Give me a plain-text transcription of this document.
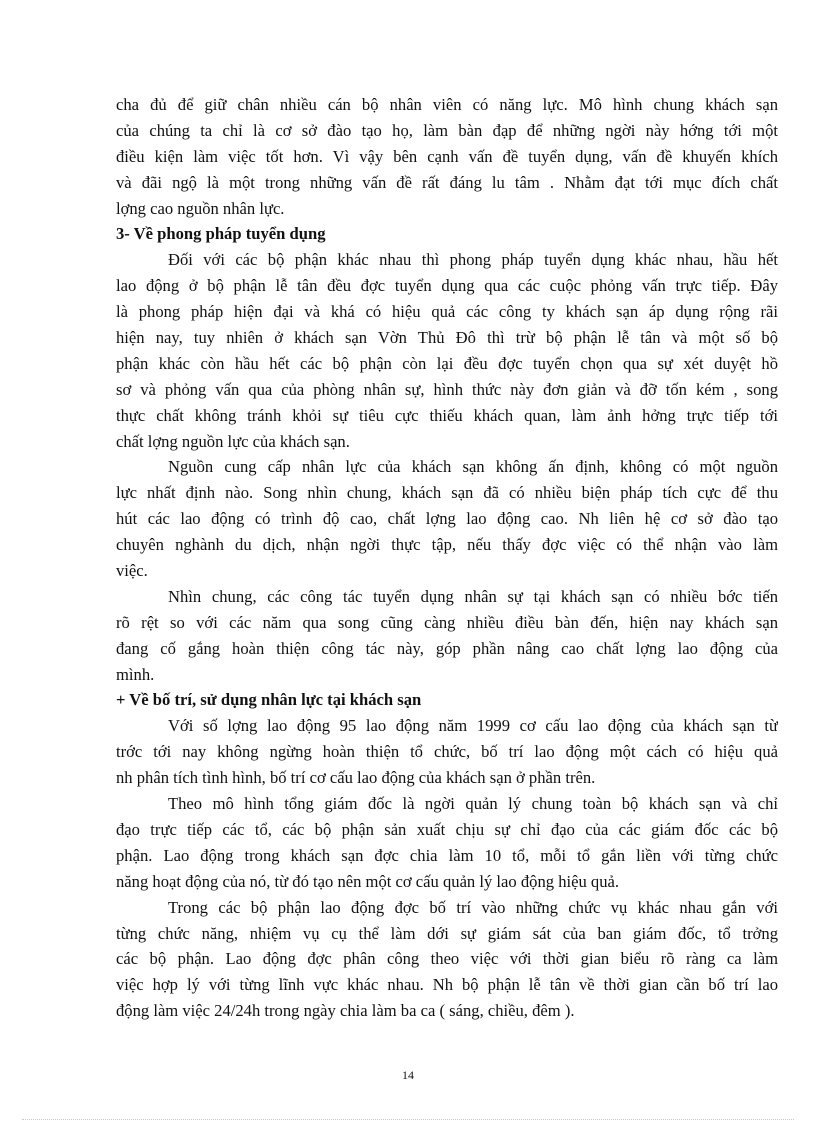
cha đủ để giữ chân nhiều cán bộ nhân viên có năng lực. Mô hình chung khách sạn
của chúng ta chỉ là cơ sở đào tạo họ, làm bàn đạp để những ngời này hớng tới một
điều kiện làm việc tốt hơn. Vì vậy bên cạnh vấn đề tuyển dụng, vấn đề khuyến khích
và đãi ngộ là một trong những vấn đề rất đáng lu tâm . Nhằm đạt tới mục đích chất
lợng cao nguồn nhân lực.
3- Về phong pháp tuyển dụng
Đối với các bộ phận khác nhau thì phong pháp tuyển dụng khác nhau, hầu hết
lao động ở bộ phận lễ tân đều đợc tuyển dụng qua các cuộc phỏng vấn trực tiếp. Đây
là phong pháp hiện đại và khá có hiệu quả các công ty khách sạn áp dụng rộng rãi
hiện nay, tuy nhiên ở khách sạn Vờn Thủ Đô thì trừ bộ phận lễ tân và một số bộ
phận khác còn hầu hết các bộ phận còn lại đều đợc tuyển chọn qua sự xét duyệt hồ
sơ và phỏng vấn qua của phòng nhân sự, hình thức này đơn giản và đỡ tốn kém , song
thực chất không tránh khỏi sự tiêu cực thiếu khách quan, làm ảnh hởng trực tiếp tới
chất lợng nguồn lực của khách sạn.
Nguồn cung cấp nhân lực của khách sạn không ấn định, không có một nguồn
lực nhất định nào. Song nhìn chung, khách sạn đã có nhiều biện pháp tích cực để thu
hút các lao động có trình độ cao, chất lợng lao động cao. Nh liên hệ cơ sở đào tạo
chuyên nghành du dịch, nhận ngời thực tập, nếu thấy đợc việc có thể nhận vào làm
việc.
Nhìn chung, các công tác tuyển dụng nhân sự tại khách sạn có nhiều bớc tiến
rõ rệt so với các năm qua song cũng càng nhiều điều bàn đến, hiện nay khách sạn
đang cố gắng hoàn thiện công tác này, góp phần nâng cao chất lợng lao động của
mình.
+ Về bố trí, sử dụng nhân lực tại khách sạn
Với số lợng lao động 95 lao động năm 1999 cơ cấu lao động của khách sạn từ
trớc tới nay không ngừng hoàn thiện tổ chức, bố trí lao động một cách có hiệu quả
nh phân tích tình hình, bố trí cơ cấu lao động của khách sạn ở phần trên.
Theo mô hình tổng giám đốc là ngời quản lý chung toàn bộ khách sạn và chỉ
đạo trực tiếp các tổ, các bộ phận sản xuất chịu sự chỉ đạo của các giám đốc các bộ
phận. Lao động trong khách sạn đợc chia làm 10 tổ, mỗi tổ gắn liền với từng chức
năng hoạt động của nó, từ đó tạo nên một cơ cấu quản lý lao động hiệu quả.
Trong các bộ phận lao động đợc bố trí vào những chức vụ khác nhau gắn với
từng chức năng, nhiệm vụ cụ thể làm dới sự giám sát của ban giám đốc, tổ trởng
các bộ phận. Lao động đợc phân công theo việc với thời gian biểu rõ ràng ca làm
việc hợp lý với từng lĩnh vực khác nhau. Nh bộ phận lễ tân về thời gian cần bố trí lao
động làm việc 24/24h trong ngày chia làm ba ca ( sáng, chiều, đêm ).
14
